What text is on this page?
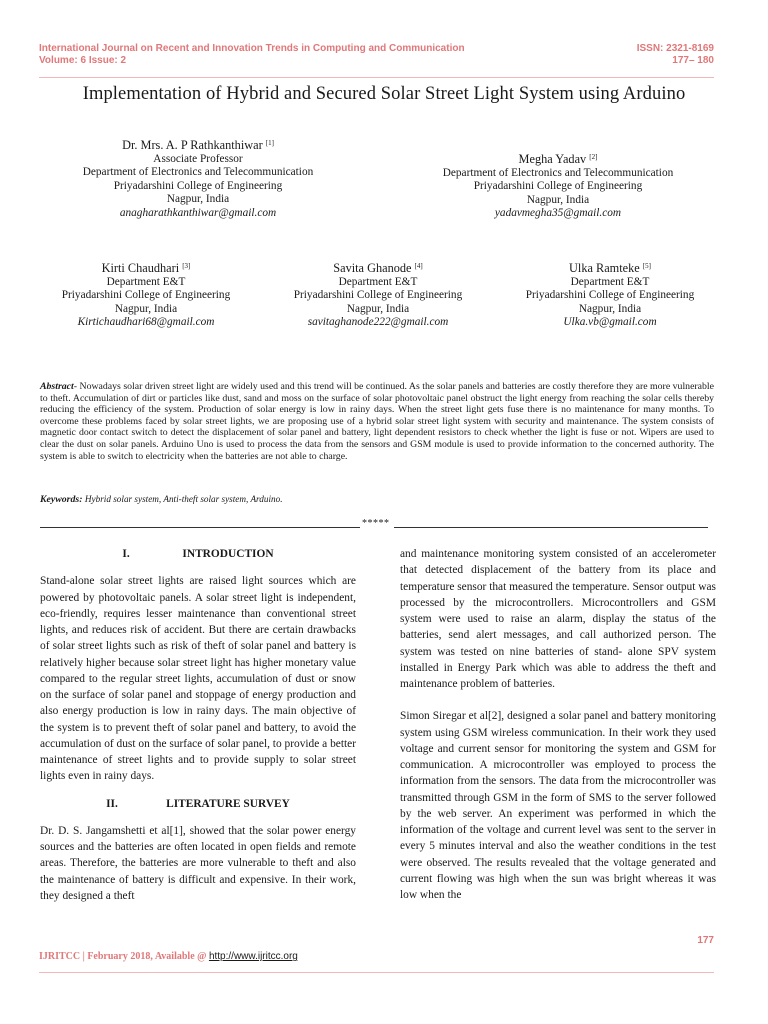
International Journal on Recent and Innovation Trends in Computing and Communication	ISSN: 2321-8169
Volume: 6 Issue: 2	177– 180
Implementation of Hybrid and Secured Solar Street Light System using Arduino
Dr. Mrs. A. P Rathkanthiwar [1]
Associate Professor
Department of Electronics and Telecommunication
Priyadarshini College of Engineering
Nagpur, India
anagharathkanthiwar@gmail.com
Megha Yadav [2]
Department of Electronics and Telecommunication
Priyadarshini College of Engineering
Nagpur, India
yadavmegha35@gmail.com
Kirti Chaudhari [3]
Department E&T
Priyadarshini College of Engineering
Nagpur, India
Kirtichaudhari68@gmail.com
Savita Ghanode [4]
Department E&T
Priyadarshini College of Engineering
Nagpur, India
savitaghanode222@gmail.com
Ulka Ramteke [5]
Department E&T
Priyadarshini College of Engineering
Nagpur, India
Ulka.vb@gmail.com
Abstract- Nowadays solar driven street light are widely used and this trend will be continued. As the solar panels and batteries are costly therefore they are more vulnerable to theft. Accumulation of dirt or particles like dust, sand and moss on the surface of solar photovoltaic panel obstruct the light energy from reaching the solar cells thereby reducing the efficiency of the system. Production of solar energy is low in rainy days. When the street light gets fuse there is no maintenance for many months. To overcome these problems faced by solar street lights, we are proposing use of a hybrid solar street light system with security and maintenance. The system consists of magnetic door contact switch to detect the displacement of solar panel and battery, light dependent resistors to check whether the light is fuse or not. Wipers are used to clear the dust on solar panels. Arduino Uno is used to process the data from the sensors and GSM module is used to provide information to the concerned authority. The system is able to switch to electricity when the batteries are not able to charge.
Keywords: Hybrid solar system, Anti-theft solar system, Arduino.
*****
I.	INTRODUCTION

Stand-alone solar street lights are raised light sources which are powered by photovoltaic panels. A solar street light is independent, eco-friendly, requires lesser maintenance than conventional street lights, and reduces risk of accident. But there are certain drawbacks of solar street lights such as risk of theft of solar panel and battery is relatively higher because solar street light has higher monetary value compared to the regular street lights, accumulation of dust or snow on the surface of solar panel and stoppage of energy production and also energy production is low in rainy days. The main objective of the system is to prevent theft of solar panel and battery, to avoid the accumulation of dust on the surface of solar panel, to provide a better maintenance of street lights and to provide supply to solar street lights even in rainy days.

II.	LITERATURE SURVEY

Dr. D. S. Jangamshetti et al[1], showed that the solar power energy sources and the batteries are often located in open fields and remote areas. Therefore, the batteries are more vulnerable to theft and also the maintenance of battery is difficult and expensive. In their work, they designed a theft

and maintenance monitoring system consisted of an accelerometer that detected displacement of the battery from its place and temperature sensor that measured the temperature. Sensor output was processed by the microcontrollers. Microcontrollers and GSM system were used to raise an alarm, display the status of the batteries, send alert messages, and call authorized person. The system was tested on nine batteries of stand- alone SPV system installed in Energy Park which was able to address the theft and maintenance problem of batteries.

Simon Siregar et al[2], designed a solar panel and battery monitoring system using GSM wireless communication. In their work they used voltage and current sensor for monitoring the system and GSM for communication. A microcontroller was employed to process the information from the sensors. The data from the microcontroller was transmitted through GSM in the form of SMS to the server followed by the web server. An experiment was performed in which the information of the voltage and current level was sent to the server in every 5 minutes interval and also the weather conditions in the test were observed. The results revealed that the voltage generated and current flowing was high when the sun was bright whereas it was low when the

177
IJRITCC | February 2018, Available @ http://www.ijritcc.org
